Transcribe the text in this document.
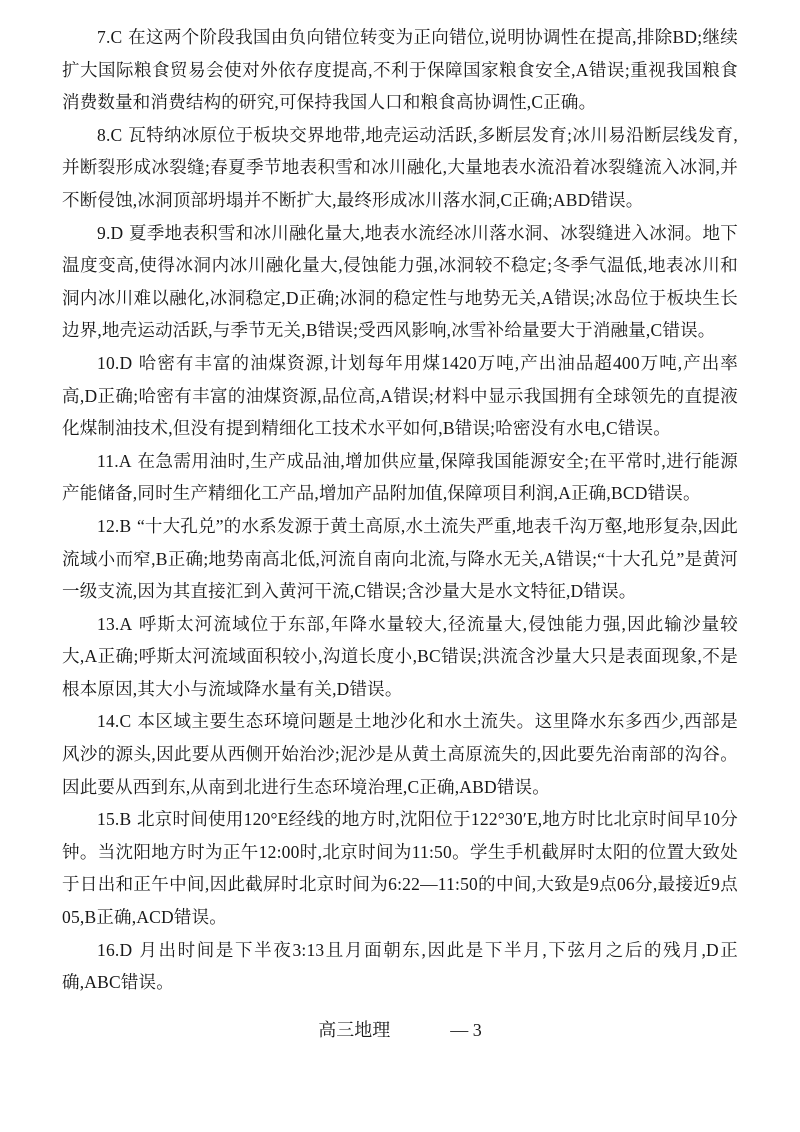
7.C 在这两个阶段我国由负向错位转变为正向错位,说明协调性在提高,排除BD;继续扩大国际粮食贸易会使对外依存度提高,不利于保障国家粮食安全,A错误;重视我国粮食消费数量和消费结构的研究,可保持我国人口和粮食高协调性,C正确。

8.C 瓦特纳冰原位于板块交界地带,地壳运动活跃,多断层发育;冰川易沿断层线发育,并断裂形成冰裂缝;春夏季节地表积雪和冰川融化,大量地表水流沿着冰裂缝流入冰洞,并不断侵蚀,冰洞顶部坍塌并不断扩大,最终形成冰川落水洞,C正确;ABD错误。

9.D 夏季地表积雪和冰川融化量大,地表水流经冰川落水洞、冰裂缝进入冰洞。地下温度变高,使得冰洞内冰川融化量大,侵蚀能力强,冰洞较不稳定;冬季气温低,地表冰川和洞内冰川难以融化,冰洞稳定,D正确;冰洞的稳定性与地势无关,A错误;冰岛位于板块生长边界,地壳运动活跃,与季节无关,B错误;受西风影响,冰雪补给量要大于消融量,C错误。

10.D 哈密有丰富的油煤资源,计划每年用煤1420万吨,产出油品超400万吨,产出率高,D正确;哈密有丰富的油煤资源,品位高,A错误;材料中显示我国拥有全球领先的直提液化煤制油技术,但没有提到精细化工技术水平如何,B错误;哈密没有水电,C错误。

11.A 在急需用油时,生产成品油,增加供应量,保障我国能源安全;在平常时,进行能源产能储备,同时生产精细化工产品,增加产品附加值,保障项目利润,A正确,BCD错误。

12.B “十大孔兑”的水系发源于黄土高原,水土流失严重,地表千沟万壑,地形复杂,因此流域小而窄,B正确;地势南高北低,河流自南向北流,与降水无关,A错误;“十大孔兑”是黄河一级支流,因为其直接汇到入黄河干流,C错误;含沙量大是水文特征,D错误。

13.A 呼斯太河流域位于东部,年降水量较大,径流量大,侵蚀能力强,因此输沙量较大,A正确;呼斯太河流域面积较小,沟道长度小,BC错误;洪流含沙量大只是表面现象,不是根本原因,其大小与流域降水量有关,D错误。

14.C 本区域主要生态环境问题是土地沙化和水土流失。这里降水东多西少,西部是风沙的源头,因此要从西侧开始治沙;泥沙是从黄土高原流失的,因此要先治南部的沟谷。因此要从西到东,从南到北进行生态环境治理,C正确,ABD错误。

15.B 北京时间使用120°E经线的地方时,沈阳位于122°30′E,地方时比北京时间早10分钟。当沈阳地方时为正午12:00时,北京时间为11:50。学生手机截屏时太阳的位置大致处于日出和正午中间,因此截屏时北京时间为6:22—11:50的中间,大致是9点06分,最接近9点05,B正确,ACD错误。

16.D 月出时间是下半夜3:13且月面朝东,因此是下半月,下弦月之后的残月,D正确,ABC错误。

高三地理	— 3
